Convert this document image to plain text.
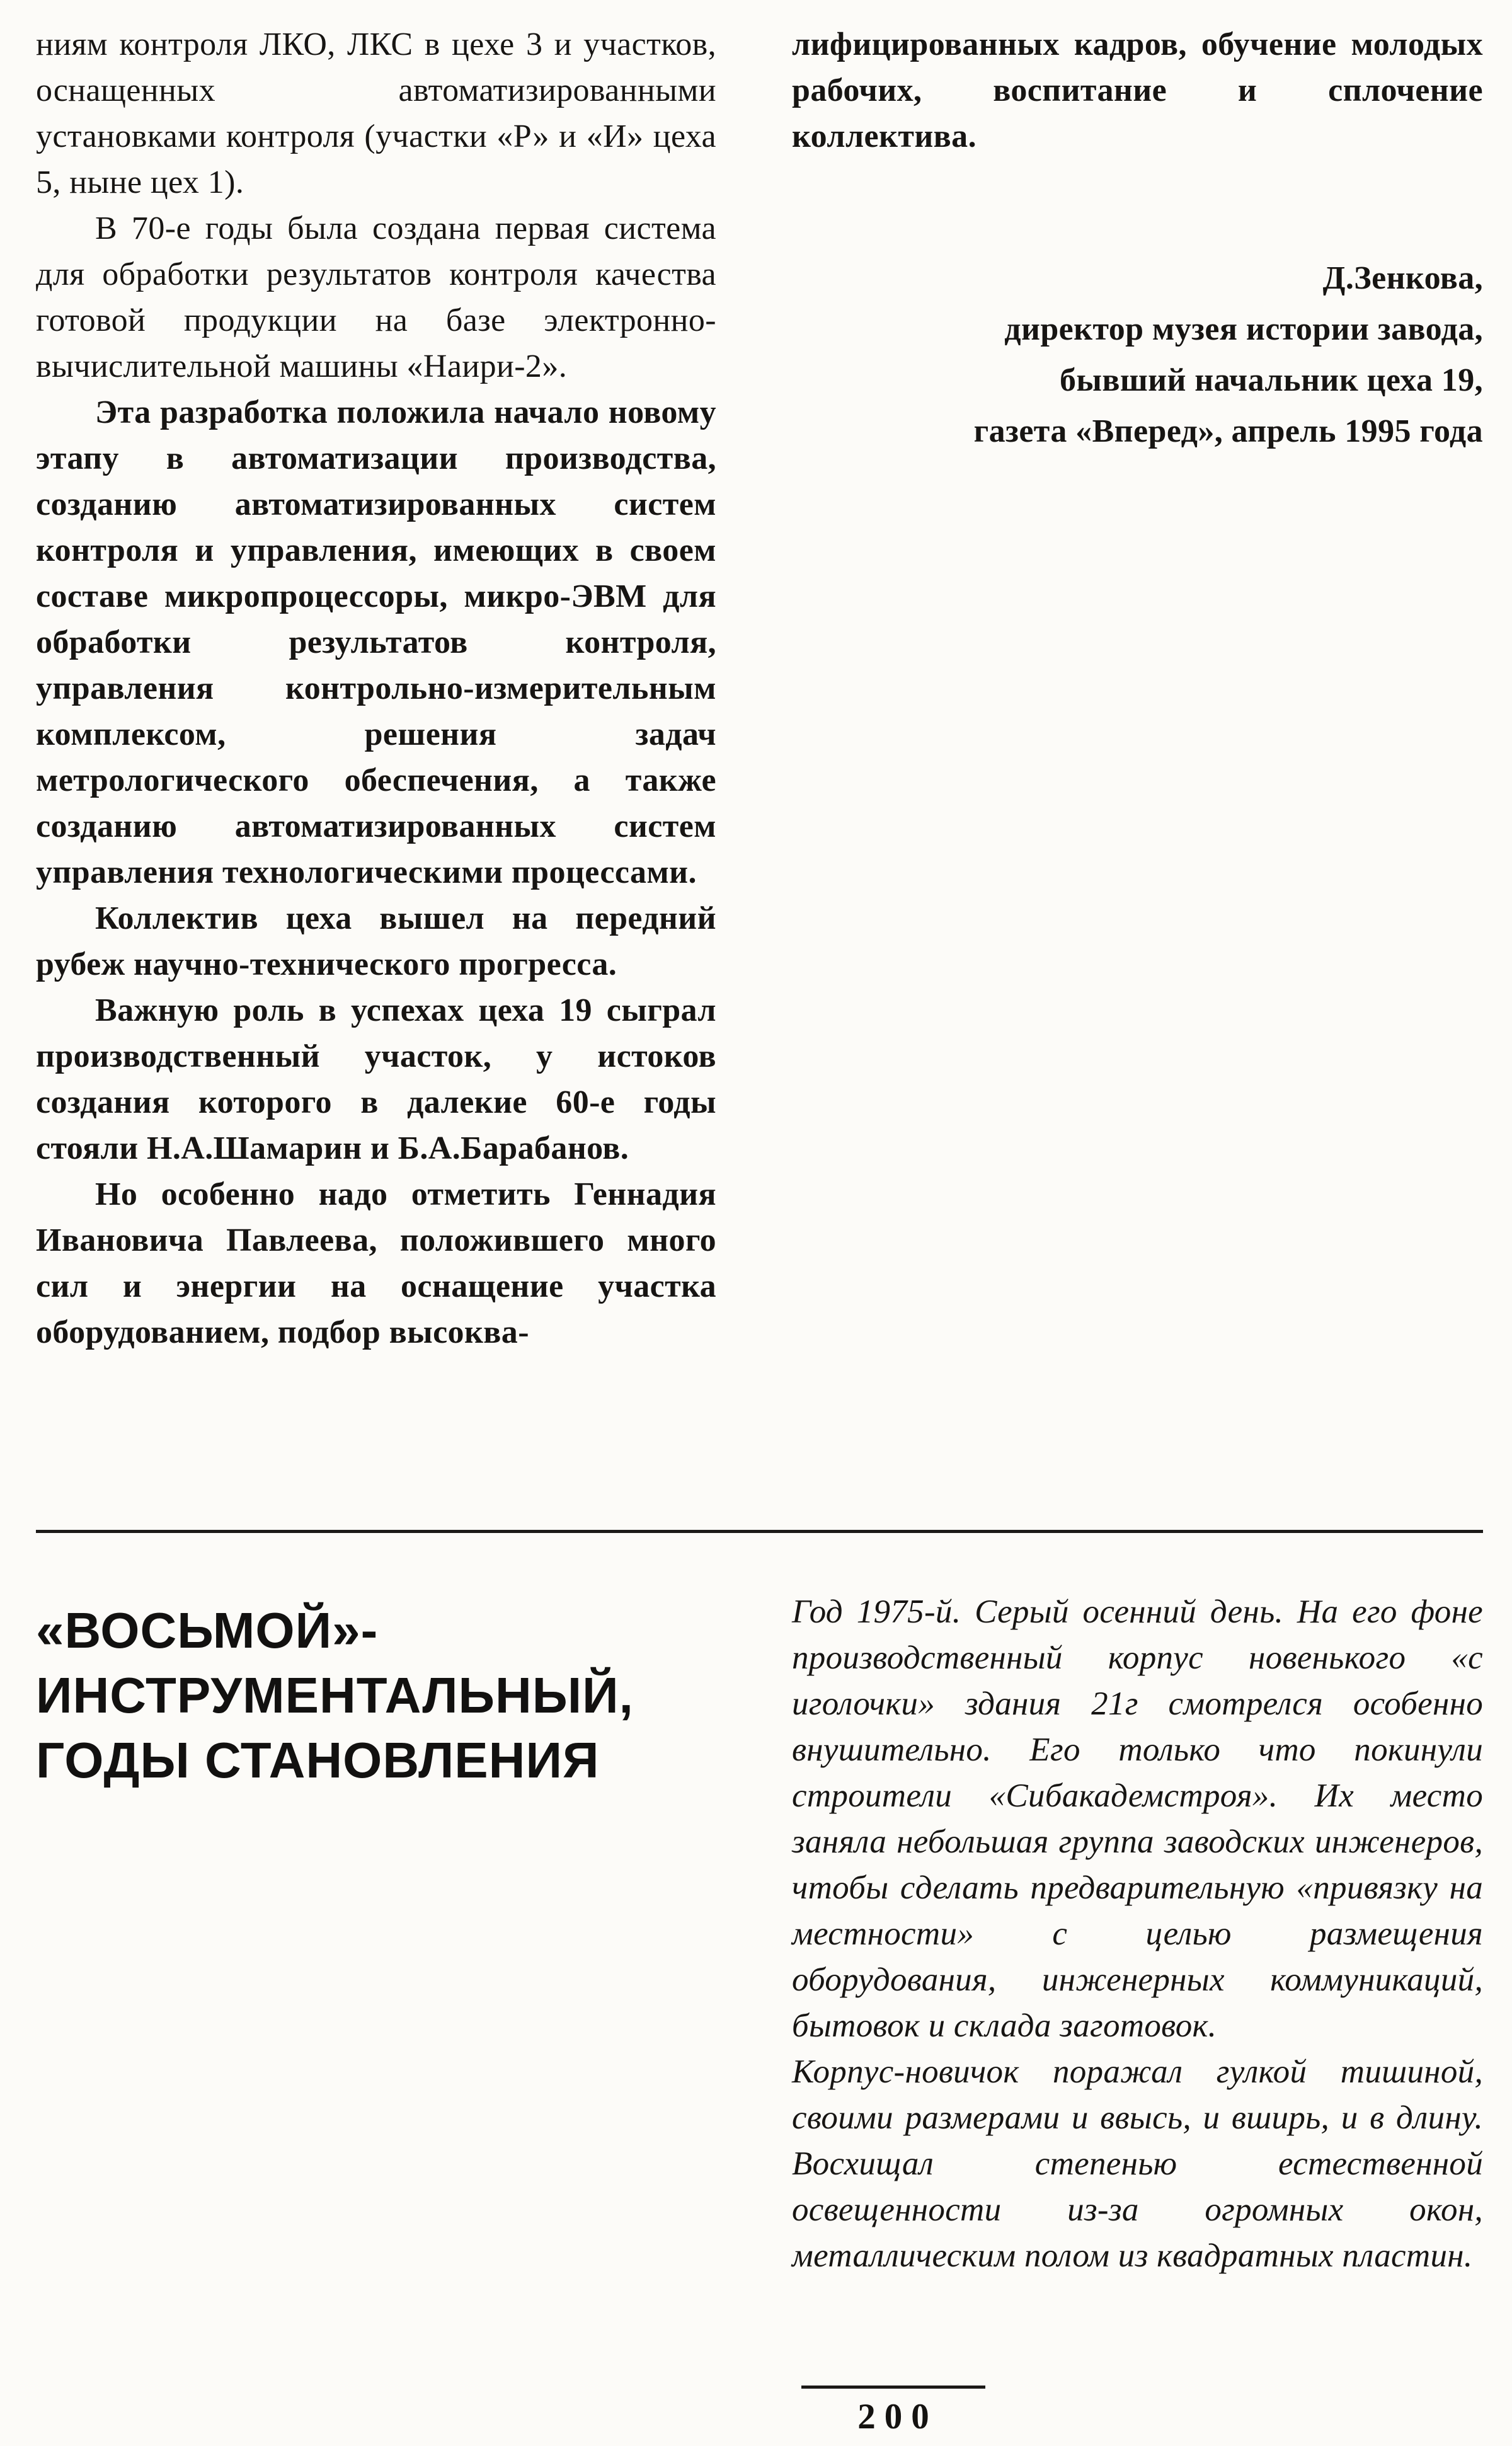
ниям контроля ЛКО, ЛКС в цехе 3 и участков, оснащенных автоматизированными установками контроля (участки «Р» и «И» цеха 5, ныне цех 1).

В 70-е годы была создана первая система для обработки результатов контроля качества готовой продукции на базе электронно-вычислительной машины «Наири-2».

Эта разработка положила начало новому этапу в автоматизации производства, созданию автоматизированных систем контроля и управления, имеющих в своем составе микропроцессоры, микро-ЭВМ для обработки результатов контроля, управления контрольно-измерительным комплексом, решения задач метрологического обеспечения, а также созданию автоматизированных систем управления технологическими процессами.

Коллектив цеха вышел на передний рубеж научно-технического прогресса.

Важную роль в успехах цеха 19 сыграл производственный участок, у истоков создания которого в далекие 60-е годы стояли Н.А.Шамарин и Б.А.Барабанов.

Но особенно надо отметить Геннадия Ивановича Павлеева, положившего много сил и энергии на оснащение участка оборудованием, подбор высоква-

лифицированных кадров, обучение молодых рабочих, воспитание и сплочение коллектива.

Д.Зенкова,
директор музея истории завода,
бывший начальник цеха 19,
газета «Вперед», апрель 1995 года
«ВОСЬМОЙ»-
ИНСТРУМЕНТАЛЬНЫЙ,
ГОДЫ СТАНОВЛЕНИЯ

Год 1975-й. Серый осенний день. На его фоне производственный корпус новенького «с иголочки» здания 21г смотрелся особенно внушительно. Его только что покинули строители «Сибакадемстроя». Их место заняла небольшая группа заводских инженеров, чтобы сделать предварительную «привязку на местности» с целью размещения оборудования, инженерных коммуникаций, бытовок и склада заготовок.

Корпус-новичок поражал гулкой тишиной, своими размерами и ввысь, и вширь, и в длину. Восхищал степенью естественной освещенности из-за огромных окон, металлическим полом из квадратных пластин.

200
